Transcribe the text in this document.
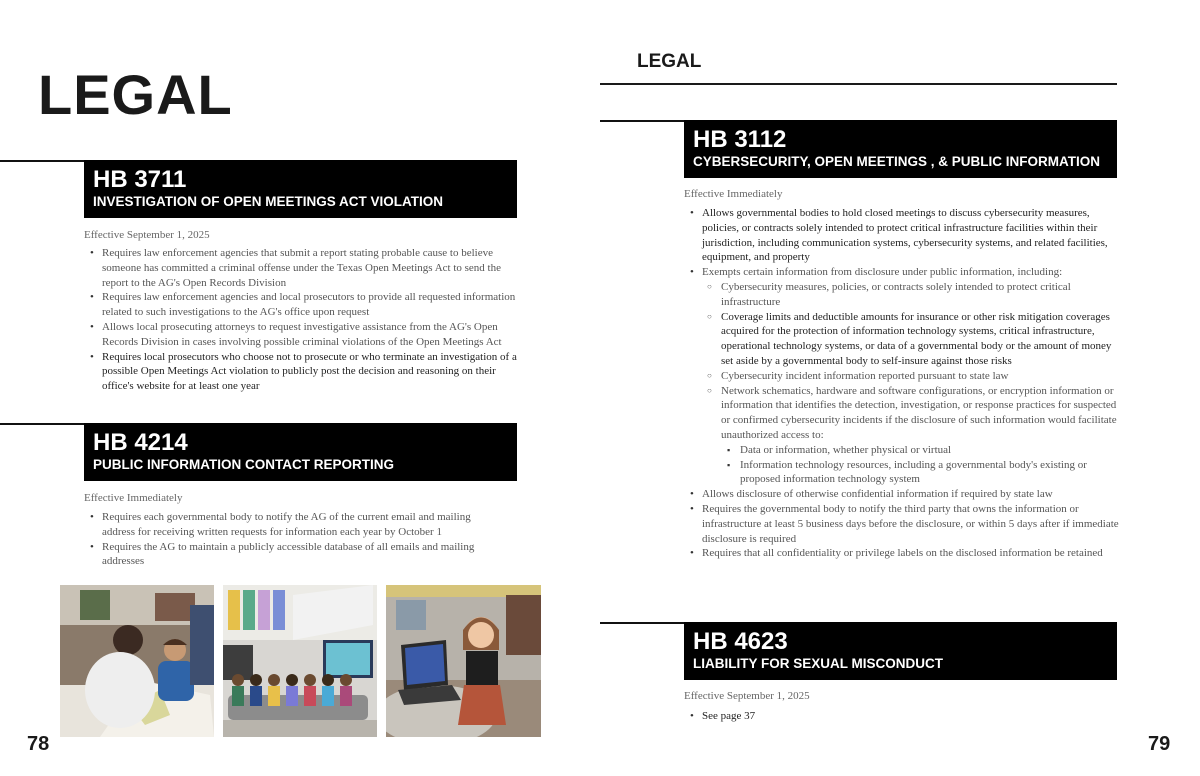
LEGAL
HB 3711
INVESTIGATION OF OPEN MEETINGS ACT VIOLATION
Effective September 1, 2025
• Requires law enforcement agencies that submit a report stating probable cause to believe someone has committed a criminal offense under the Texas Open Meetings Act to send the report to the AG's Open Records Division
• Requires law enforcement agencies and local prosecutors to provide all requested information related to such investigations to the AG's office upon request
• Allows local prosecuting attorneys to request investigative assistance from the AG's Open Records Division in cases involving possible criminal violations of the Open Meetings Act
• Requires local prosecutors who choose not to prosecute or who terminate an investigation of a possible Open Meetings Act violation to publicly post the decision and reasoning on their office's website for at least one year
HB 4214
PUBLIC INFORMATION CONTACT REPORTING
Effective Immediately
• Requires each governmental body to notify the AG of the current email and mailing address for receiving written requests for information each year by October 1
• Requires the AG to maintain a publicly accessible database of all emails and mailing addresses
78
LEGAL
HB 3112
CYBERSECURITY, OPEN MEETINGS , & PUBLIC INFORMATION
Effective Immediately
• Allows governmental bodies to hold closed meetings to discuss cybersecurity measures, policies, or contracts solely intended to protect critical infrastructure facilities within their jurisdiction, including communication systems, cybersecurity systems, and related facilities, equipment, and property
• Exempts certain information from disclosure under public information, including:
○ Cybersecurity measures, policies, or contracts solely intended to protect critical infrastructure
○ Coverage limits and deductible amounts for insurance or other risk mitigation coverages acquired for the protection of information technology systems, critical infrastructure, operational technology systems, or data of a governmental body or the amount of money set aside by a governmental body to self-insure against those risks
○ Cybersecurity incident information reported pursuant to state law
○ Network schematics, hardware and software configurations, or encryption information or information that identifies the detection, investigation, or response practices for suspected or confirmed cybersecurity incidents if the disclosure of such information would facilitate unauthorized access to:
▪ Data or information, whether physical or virtual
▪ Information technology resources, including a governmental body's existing or proposed information technology system
• Allows disclosure of otherwise confidential information if required by state law
• Requires the governmental body to notify the third party that owns the information or infrastructure at least 5 business days before the disclosure, or within 5 days after if immediate disclosure is required
• Requires that all confidentiality or privilege labels on the disclosed information be retained
HB 4623
LIABILITY FOR SEXUAL MISCONDUCT
Effective September 1, 2025
• See page 37
79
